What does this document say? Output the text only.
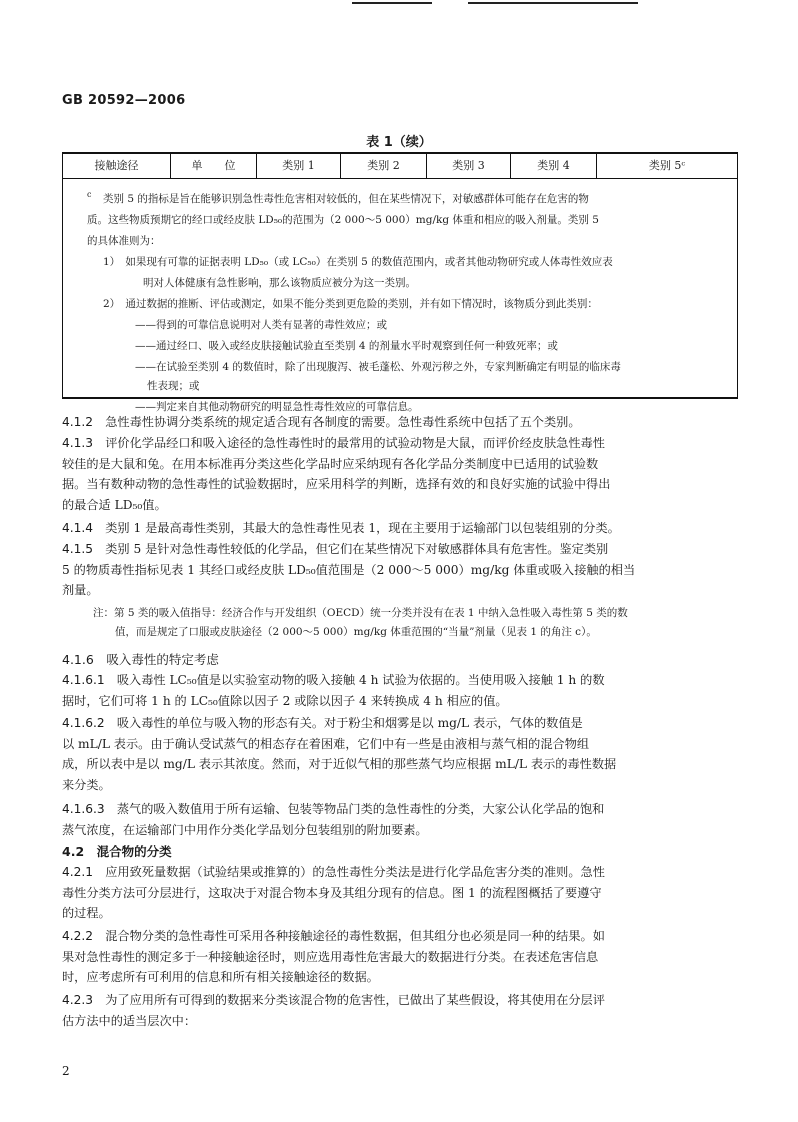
GB 20592—2006
表 1（续）
接触途径	单　　位	类别 1	类别 2	类别 3	类别 4	类别 5ᶜ
c 类别 5 的指标是旨在能够识别急性毒性危害相对较低的，但在某些情况下，对敏感群体可能存在危害的物
质。这些物质预期它的经口或经皮肤 LD₅₀的范围为（2 000～5 000）mg/kg 体重和相应的吸入剂量。类别 5
的具体准则为：
1）　如果现有可靠的证据表明 LD₅₀（或 LC₅₀）在类别 5 的数值范围内，或者其他动物研究或人体毒性效应表
明对人体健康有急性影响，那么该物质应被分为这一类别。
2）　通过数据的推断、评估或测定，如果不能分类到更危险的类别，并有如下情况时，该物质分到此类别：
——得到的可靠信息说明对人类有显著的毒性效应；或
——通过经口、吸入或经皮肤接触试验直至类别 4 的剂量水平时观察到任何一种致死率；或
——在试验至类别 4 的数值时，除了出现腹泻、被毛蓬松、外观污秽之外，专家判断确定有明显的临床毒
性表现；或
——判定来自其他动物研究的明显急性毒性效应的可靠信息。
4.1.2　 急性毒性协调分类系统的规定适合现有各制度的需要。急性毒性系统中包括了五个类别。
4.1.3　 评价化学品经口和吸入途径的急性毒性时的最常用的试验动物是大鼠，而评价经皮肤急性毒性
较佳的是大鼠和兔。在用本标准再分类这些化学品时应采纳现有各化学品分类制度中已适用的试验数
据。当有数种动物的急性毒性的试验数据时，应采用科学的判断，选择有效的和良好实施的试验中得出
的最合适 LD₅₀值。
4.1.4　 类别 1 是最高毒性类别，其最大的急性毒性见表 1，现在主要用于运输部门以包装组别的分类。
4.1.5　 类别 5 是针对急性毒性较低的化学品，但它们在某些情况下对敏感群体具有危害性。鉴定类别
5 的物质毒性指标见表 1 其经口或经皮肤 LD₅₀值范围是（2 000～5 000）mg/kg 体重或吸入接触的相当
剂量。
注：第 5 类的吸入值指导：经济合作与开发组织（OECD）统一分类并没有在表 1 中纳入急性吸入毒性第 5 类的数
值，而是规定了口服或皮肤途径（2 000～5 000）mg/kg 体重范围的“当量”剂量（见表 1 的角注 c）。
4.1.6　 吸入毒性的特定考虑
4.1.6.1　 吸入毒性 LC₅₀值是以实验室动物的吸入接触 4 h 试验为依据的。当使用吸入接触 1 h 的数
据时，它们可将 1 h 的 LC₅₀值除以因子 2 或除以因子 4 来转换成 4 h 相应的值。
4.1.6.2　 吸入毒性的单位与吸入物的形态有关。对于粉尘和烟雾是以 mg/L 表示，气体的数值是
以 mL/L 表示。由于确认受试蒸气的相态存在着困难，它们中有一些是由液相与蒸气相的混合物组
成，所以表中是以 mg/L 表示其浓度。然而，对于近似气相的那些蒸气均应根据 mL/L 表示的毒性数据
来分类。
4.1.6.3　 蒸气的吸入数值用于所有运输、包装等物品门类的急性毒性的分类，大家公认化学品的饱和
蒸气浓度，在运输部门中用作分类化学品划分包装组别的附加要素。
4.2　 混合物的分类
4.2.1　 应用致死量数据（试验结果或推算的）的急性毒性分类法是进行化学品危害分类的准则。急性
毒性分类方法可分层进行，这取决于对混合物本身及其组分现有的信息。图 1 的流程图概括了要遵守
的过程。
4.2.2　 混合物分类的急性毒性可采用各种接触途径的毒性数据，但其组分也必须是同一种的结果。如
果对急性毒性的测定多于一种接触途径时，则应选用毒性危害最大的数据进行分类。在表述危害信息
时，应考虑所有可利用的信息和所有相关接触途径的数据。
4.2.3　 为了应用所有可得到的数据来分类该混合物的危害性，已做出了某些假设，将其使用在分层评
估方法中的适当层次中：
2
